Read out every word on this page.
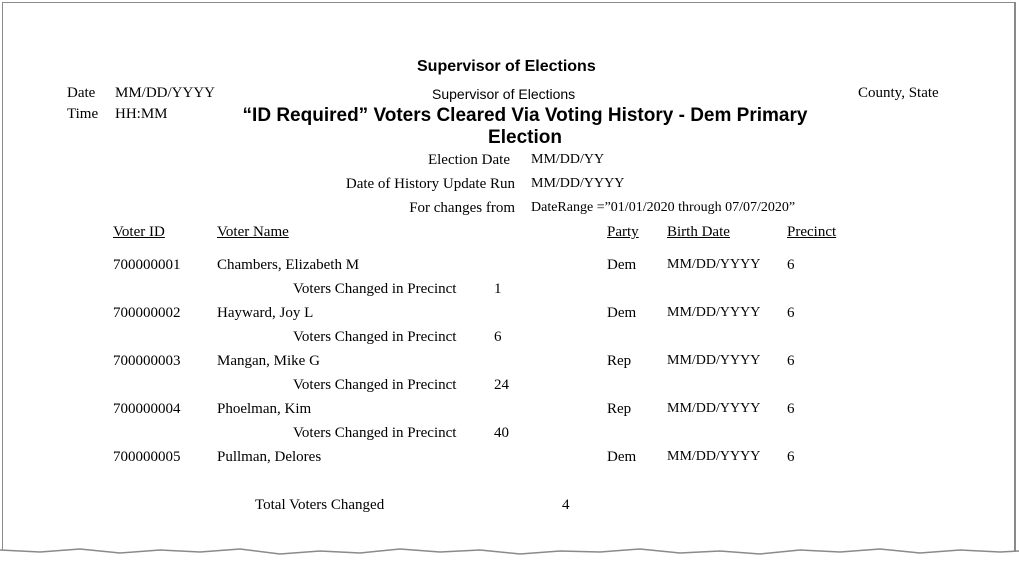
Supervisor of Elections
Date MM/DD/YYYY	Supervisor of Elections	County, State
Time HH:MM	“ID Required” Voters Cleared Via Voting History - Dem Primary
Election
Election Date MM/DD/YY
Date of History Update Run MM/DD/YYYY
For changes from DateRange =”01/01/2020 through 07/07/2020”
Voter ID	Voter Name	Party Birth Date	Precinct
700000001 Chambers, Elizabeth M	Dem MM/DD/YYYY 6
Voters Changed in Precinct	1
700000002 Hayward, Joy L	Dem MM/DD/YYYY 6
Voters Changed in Precinct	6
700000003 Mangan, Mike G	Rep	MM/DD/YYYY 6
Voters Changed in Precinct	24
700000004 Phoelman, Kim	Rep	MM/DD/YYYY 6
Voters Changed in Precinct	40
700000005 Pullman, Delores	Dem MM/DD/YYYY 6
Total Voters Changed	4
